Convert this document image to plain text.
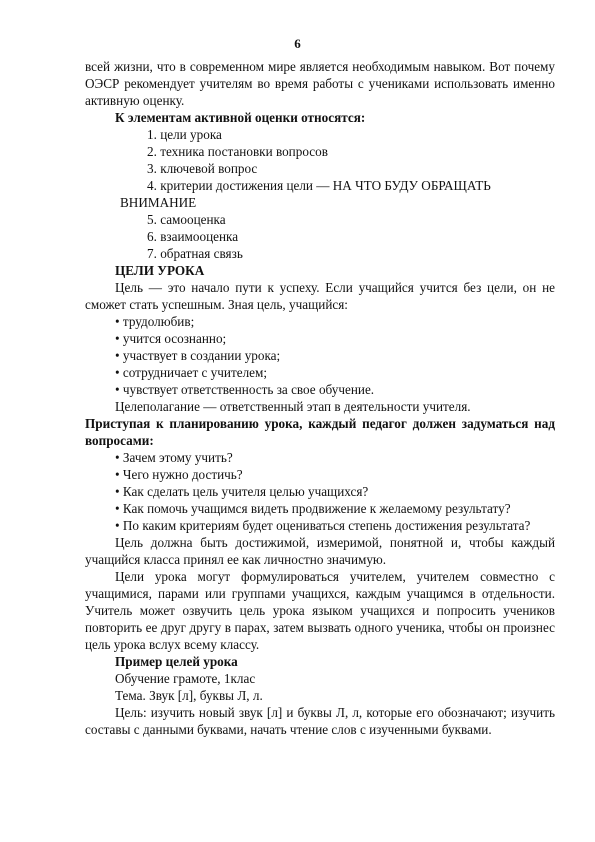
6

всей жизни, что в современном мире является необходимым навыком. Вот почему ОЭСР рекомендует учителям во время работы с учениками использовать именно активную оценку.

К элементам активной оценки относятся:

1. цели урока

2. техника постановки вопросов

3. ключевой вопрос

4. критерии достижения цели — НА ЧТО БУДУ ОБРАЩАТЬ

ВНИМАНИЕ

5. самооценка

6. взаимооценка

7. обратная связь

ЦЕЛИ УРОКА

Цель — это начало пути к успеху. Если учащийся учится без цели, он не сможет стать успешным. Зная цель, учащийся:

• трудолюбив;

• учится осознанно;

• участвует в создании урока;

• сотрудничает с учителем;

• чувствует ответственность за свое обучение.

Целеполагание — ответственный этап в деятельности учителя.

Приступая к планированию урока, каждый педагог должен задуматься над вопросами:

• Зачем этому учить?

• Чего нужно достичь?

• Как сделать цель учителя целью учащихся?

• Как помочь учащимся видеть продвижение к желаемому результату?

• По каким критериям будет оцениваться степень достижения результата?

Цель должна быть достижимой, измеримой, понятной и, чтобы каждый учащийся класса принял ее как личностно значимую.

Цели урока могут формулироваться учителем, учителем совместно с учащимися, парами или группами учащихся, каждым учащимся в отдельности. Учитель может озвучить цель урока языком учащихся и попросить учеников повторить ее друг другу в парах, затем вызвать одного ученика, чтобы он произнес цель урока вслух всему классу.

Пример целей урока

Обучение грамоте, 1клас

Тема. Звук [л], буквы Л, л.

Цель: изучить новый звук [л] и буквы Л, л, которые его обозначают; изучить составы с данными буквами, начать чтение слов с изученными буквами.
